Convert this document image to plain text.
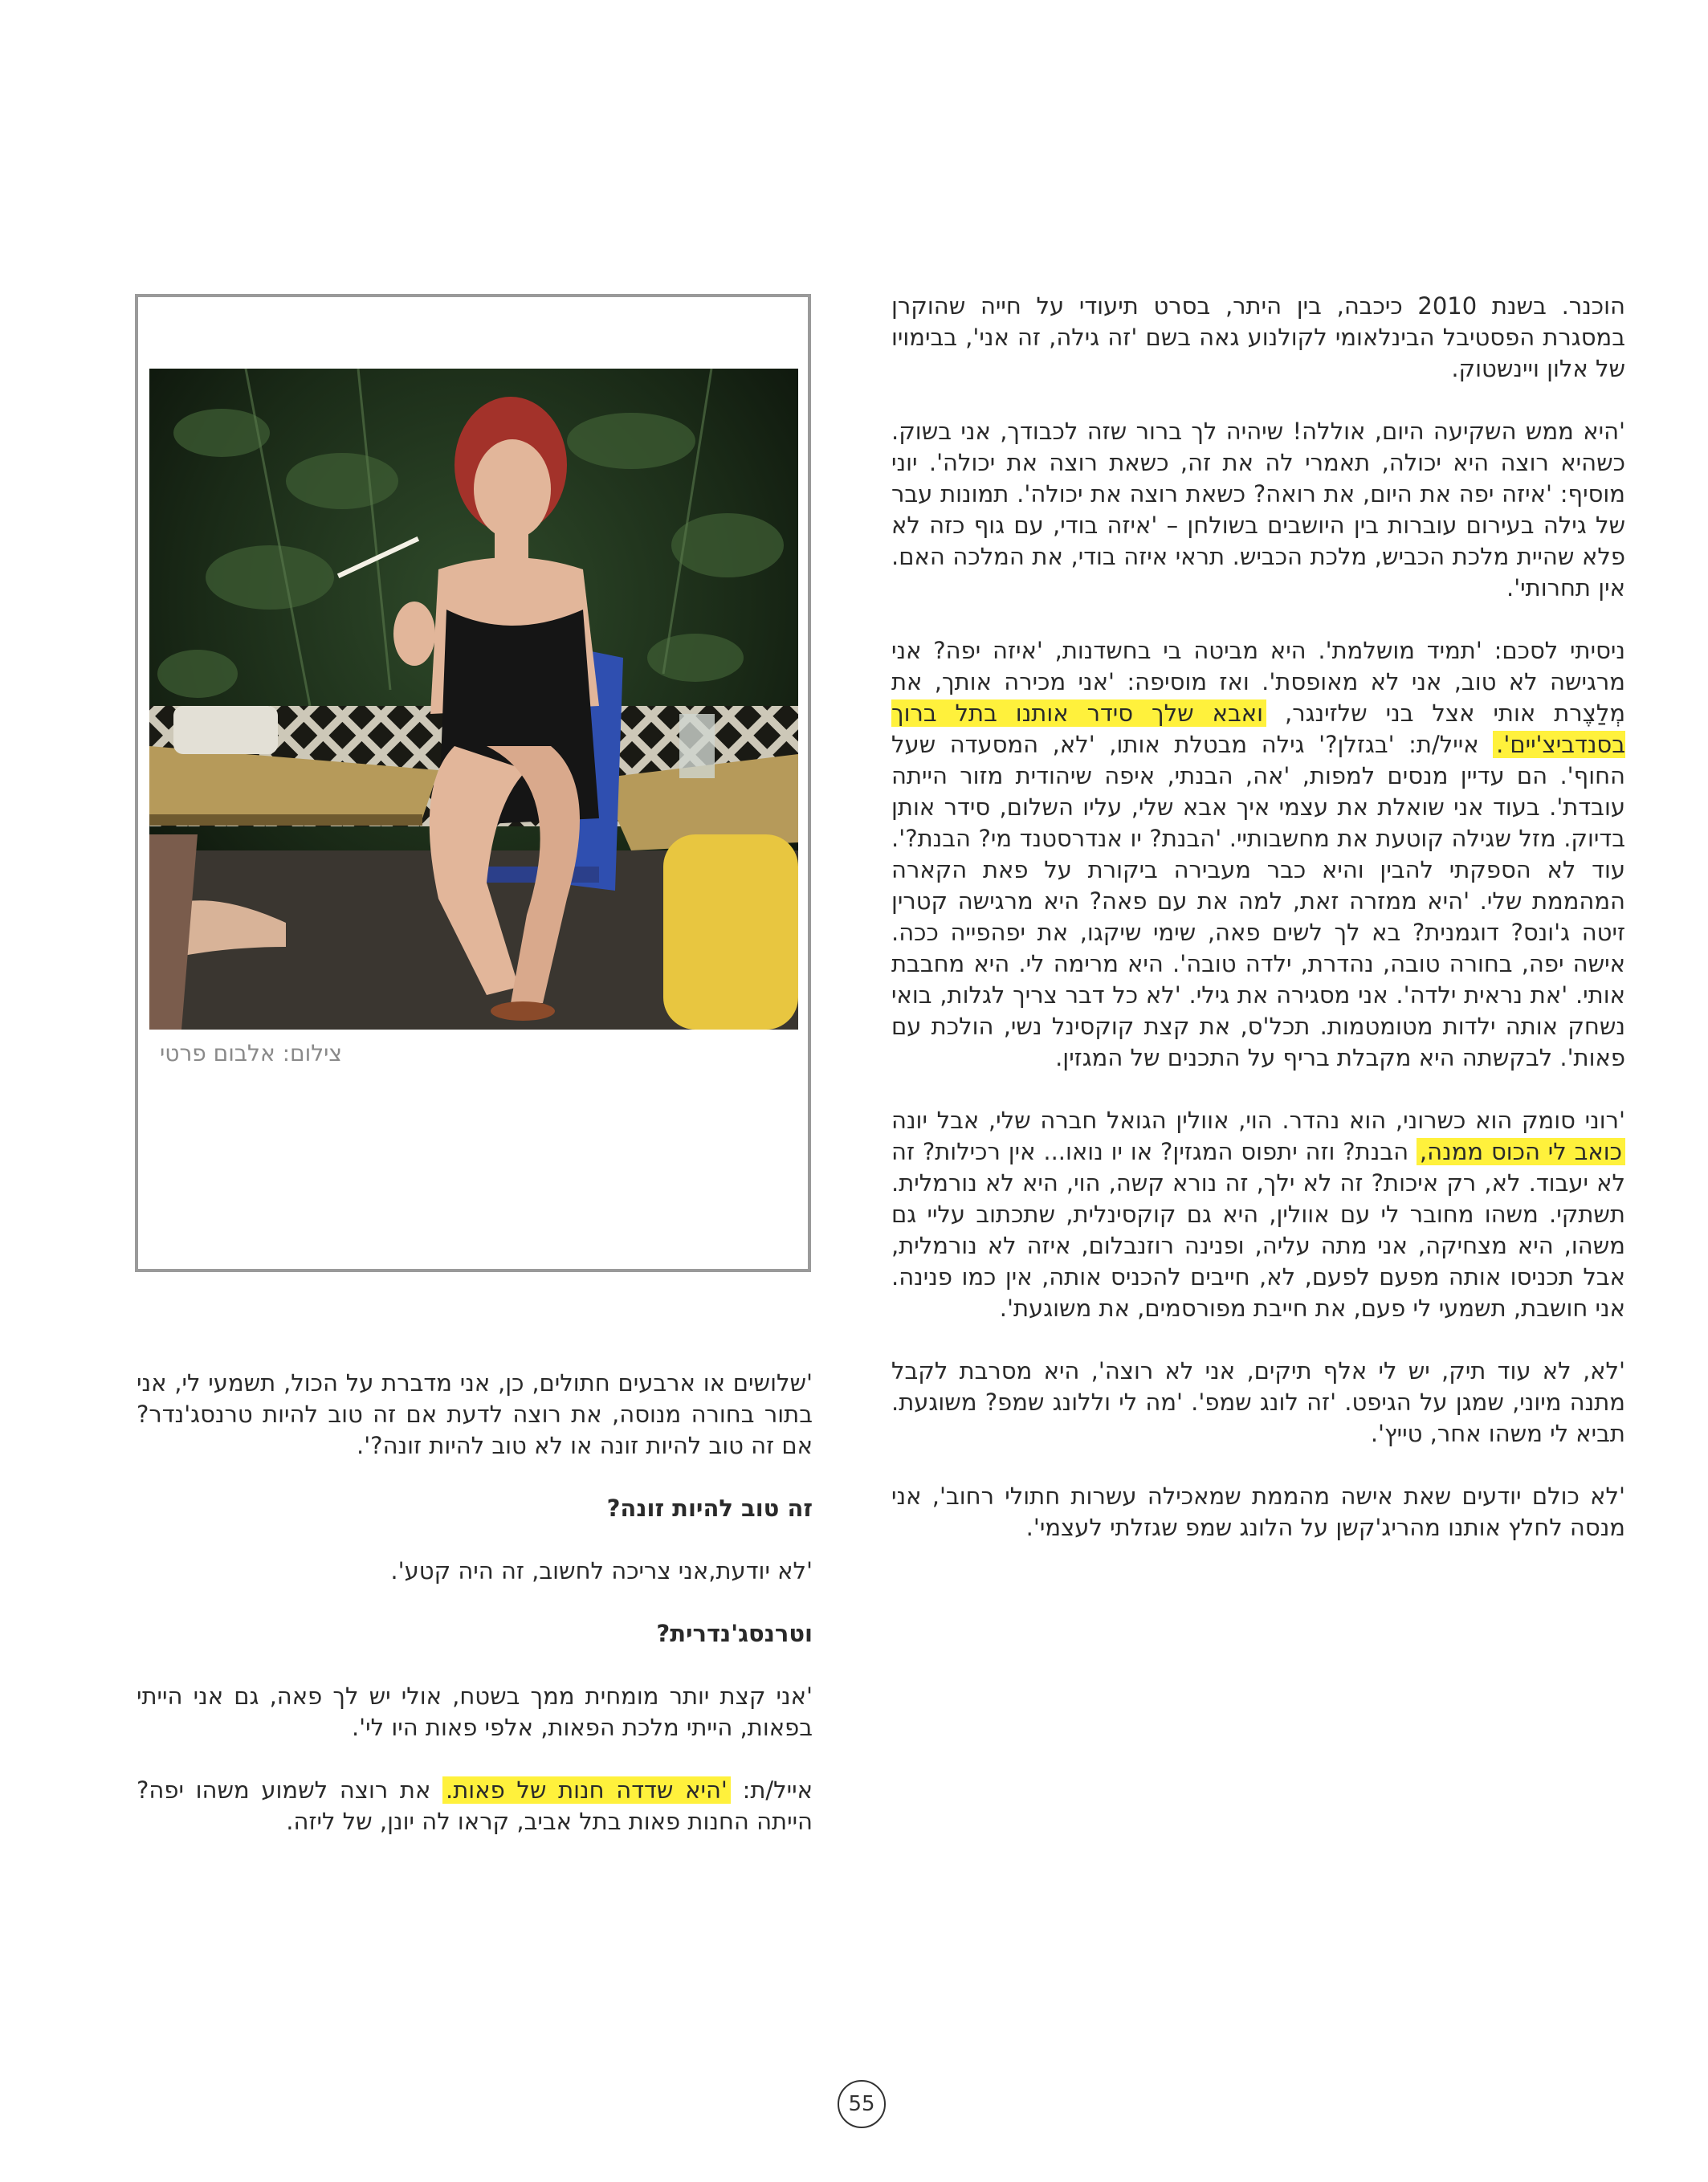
הוכנר. בשנת 2010 כיכבה, בין היתר, בסרט תיעודי על חייה שהוקרן במסגרת הפסטיבל הבינלאומי לקולנוע גאה בשם 'זה גילה, זה אני', בבימויו של אלון ויינשטוק.

'היא ממש השקיעה היום, אוללה! שיהיה לך ברור שזה לכבודך, אני בשוק. כשהיא רוצה היא יכולה, תאמרי לה את זה, כשאת רוצה את יכולה'. יוני מוסיף: 'איזה יפה את היום, את רואה? כשאת רוצה את יכולה'. תמונות עבר של גילה בעירום עוברות בין היושבים בשולחן – 'איזה בודי, עם גוף כזה לא פלא שהיית מלכת הכביש, מלכת הכביש. תראי איזה בודי, את המלכה האם. אין תחרותי'.

ניסיתי לסכם: 'תמיד מושלמת'. היא מביטה בי בחשדנות, 'איזה יפה? אני מרגישה לא טוב, אני לא מאופסת'. ואז מוסיפה: 'אני מכירה אותך, את מְלַצֶרת אותי אצל בני שלזינגר, ואבא שלך סידר אותנו בתל ברוך בסנדביצ'יים'. אייל/ת: 'בגזלן?' גילה מבטלת אותו, 'לא, המסעדה שעל החוף'. הם עדיין מנסים למפות, 'אה, הבנתי, איפה שיהודית מזור הייתה עובדת'. בעוד אני שואלת את עצמי איך אבא שלי, עליו השלום, סידר אותן בדיוק. מזל שגילה קוטעת את מחשבותיי. 'הבנת? יו אנדרסטנד מי? הבנת?'. עוד לא הספקתי להבין והיא כבר מעבירה ביקורת על פאת הקארה המהממת שלי. 'היא ממזרה זאת, למה את עם פאה? היא מרגישה קטרין זיטה ג'ונס? דוגמנית? בא לך לשים פאה, שימי שיקגו, את יפהפייה ככה. אישה יפה, בחורה טובה, נהדרת, ילדה טובה'. היא מרימה לי. היא מחבבת אותי. 'את נראית ילדה'. אני מסגירה את גילי. 'לא כל דבר צריך לגלות, בואי נשחק אותה ילדות מטומטמות. תכל'ס, את קצת קוקסינל נשי, הולכת עם פאות'. לבקשתה היא מקבלת בריף על התכנים של המגזין.

'רוני סומק הוא כשרוני, הוא נהדר. הוי, אוולין הגואל חברה שלי, אבל יונה כואב לי הכוס ממנה, הבנת? וזה יתפוס המגזין? או יו נואו... אין רכילות? זה לא יעבוד. לא, רק איכות? זה לא ילך, זה נורא קשה, הוי, היא לא נורמלית. תשתקי. משהו מחובר לי עם אוולין, היא גם קוקסינלית, שתכתוב עליי גם משהו, היא מצחיקה, אני מתה עליה, ופנינה רוזנבלום, איזה לא נורמלית, אבל תכניסו אותה מפעם לפעם, לא, חייבים להכניס אותה, אין כמו פנינה. אני חושבת, תשמעי לי פעם, את חייבת מפורסמים, את משוגעת'.

'לא, לא עוד תיק, יש לי אלף תיקים, אני לא רוצה', היא מסרבת לקבל מתנה מיוני, שמגן על הגיפט. 'זה לונג שמפ'. 'מה לי וללונג שמפ? משוגעת. תביא לי משהו אחר, טייץ'.

'לא כולם יודעים שאת אישה מהממת שמאכילה עשרות חתולי רחוב', אני מנסה לחלץ אותנו מהריג'קשן על הלונג שמפ שגזלתי לעצמי'.

צילום: אלבום פרטי

'שלושים או ארבעים חתולים, כן, אני מדברת על הכול, תשמעי לי, אני בתור בחורה מנוסה, את רוצה לדעת אם זה טוב להיות טרנסג'נדר? אם זה טוב להיות זונה או לא טוב להיות זונה?'.

זה טוב להיות זונה?

'לא יודעת,אני צריכה לחשוב, זה היה קטע'.

וטרנסג'נדרית?

'אני קצת יותר מומחית ממך בשטח, אולי יש לך פאה, גם אני הייתי בפאות, הייתי מלכת הפאות, אלפי פאות היו לי'.

אייל/ת: 'היא שדדה חנות של פאות. את רוצה לשמוע משהו יפה? הייתה החנות פאות בתל אביב, קראו לה יונן, של ליזה.

55
